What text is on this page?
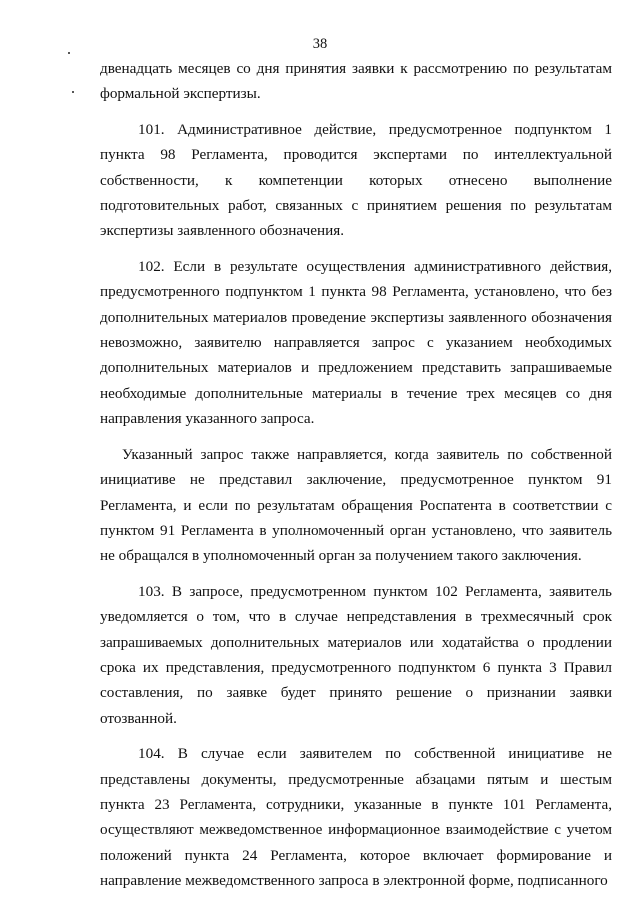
38

двенадцать месяцев со дня принятия заявки к рассмотрению по результатам формальной экспертизы.

101. Административное действие, предусмотренное подпунктом 1 пункта 98 Регламента, проводится экспертами по интеллектуальной собственности, к компетенции которых отнесено выполнение подготовительных работ, связанных с принятием решения по результатам экспертизы заявленного обозначения.

102. Если в результате осуществления административного действия, предусмотренного подпунктом 1 пункта 98 Регламента, установлено, что без дополнительных материалов проведение экспертизы заявленного обозначения невозможно, заявителю направляется запрос с указанием необходимых дополнительных материалов и предложением представить запрашиваемые необходимые дополнительные материалы в течение трех месяцев со дня направления указанного запроса.

Указанный запрос также направляется, когда заявитель по собственной инициативе не представил заключение, предусмотренное пунктом 91 Регламента, и если по результатам обращения Роспатента в соответствии с пунктом 91 Регламента в уполномоченный орган установлено, что заявитель не обращался в уполномоченный орган за получением такого заключения.

103. В запросе, предусмотренном пунктом 102 Регламента, заявитель уведомляется о том, что в случае непредставления в трехмесячный срок запрашиваемых дополнительных материалов или ходатайства о продлении срока их представления, предусмотренного подпунктом 6 пункта 3 Правил составления, по заявке будет принято решение о признании заявки отозванной.

104. В случае если заявителем по собственной инициативе не представлены документы, предусмотренные абзацами пятым и шестым пункта 23 Регламента, сотрудники, указанные в пункте 101 Регламента, осуществляют межведомственное информационное взаимодействие с учетом положений пункта 24 Регламента, которое включает формирование и направление межведомственного запроса в электронной форме, подписанного
